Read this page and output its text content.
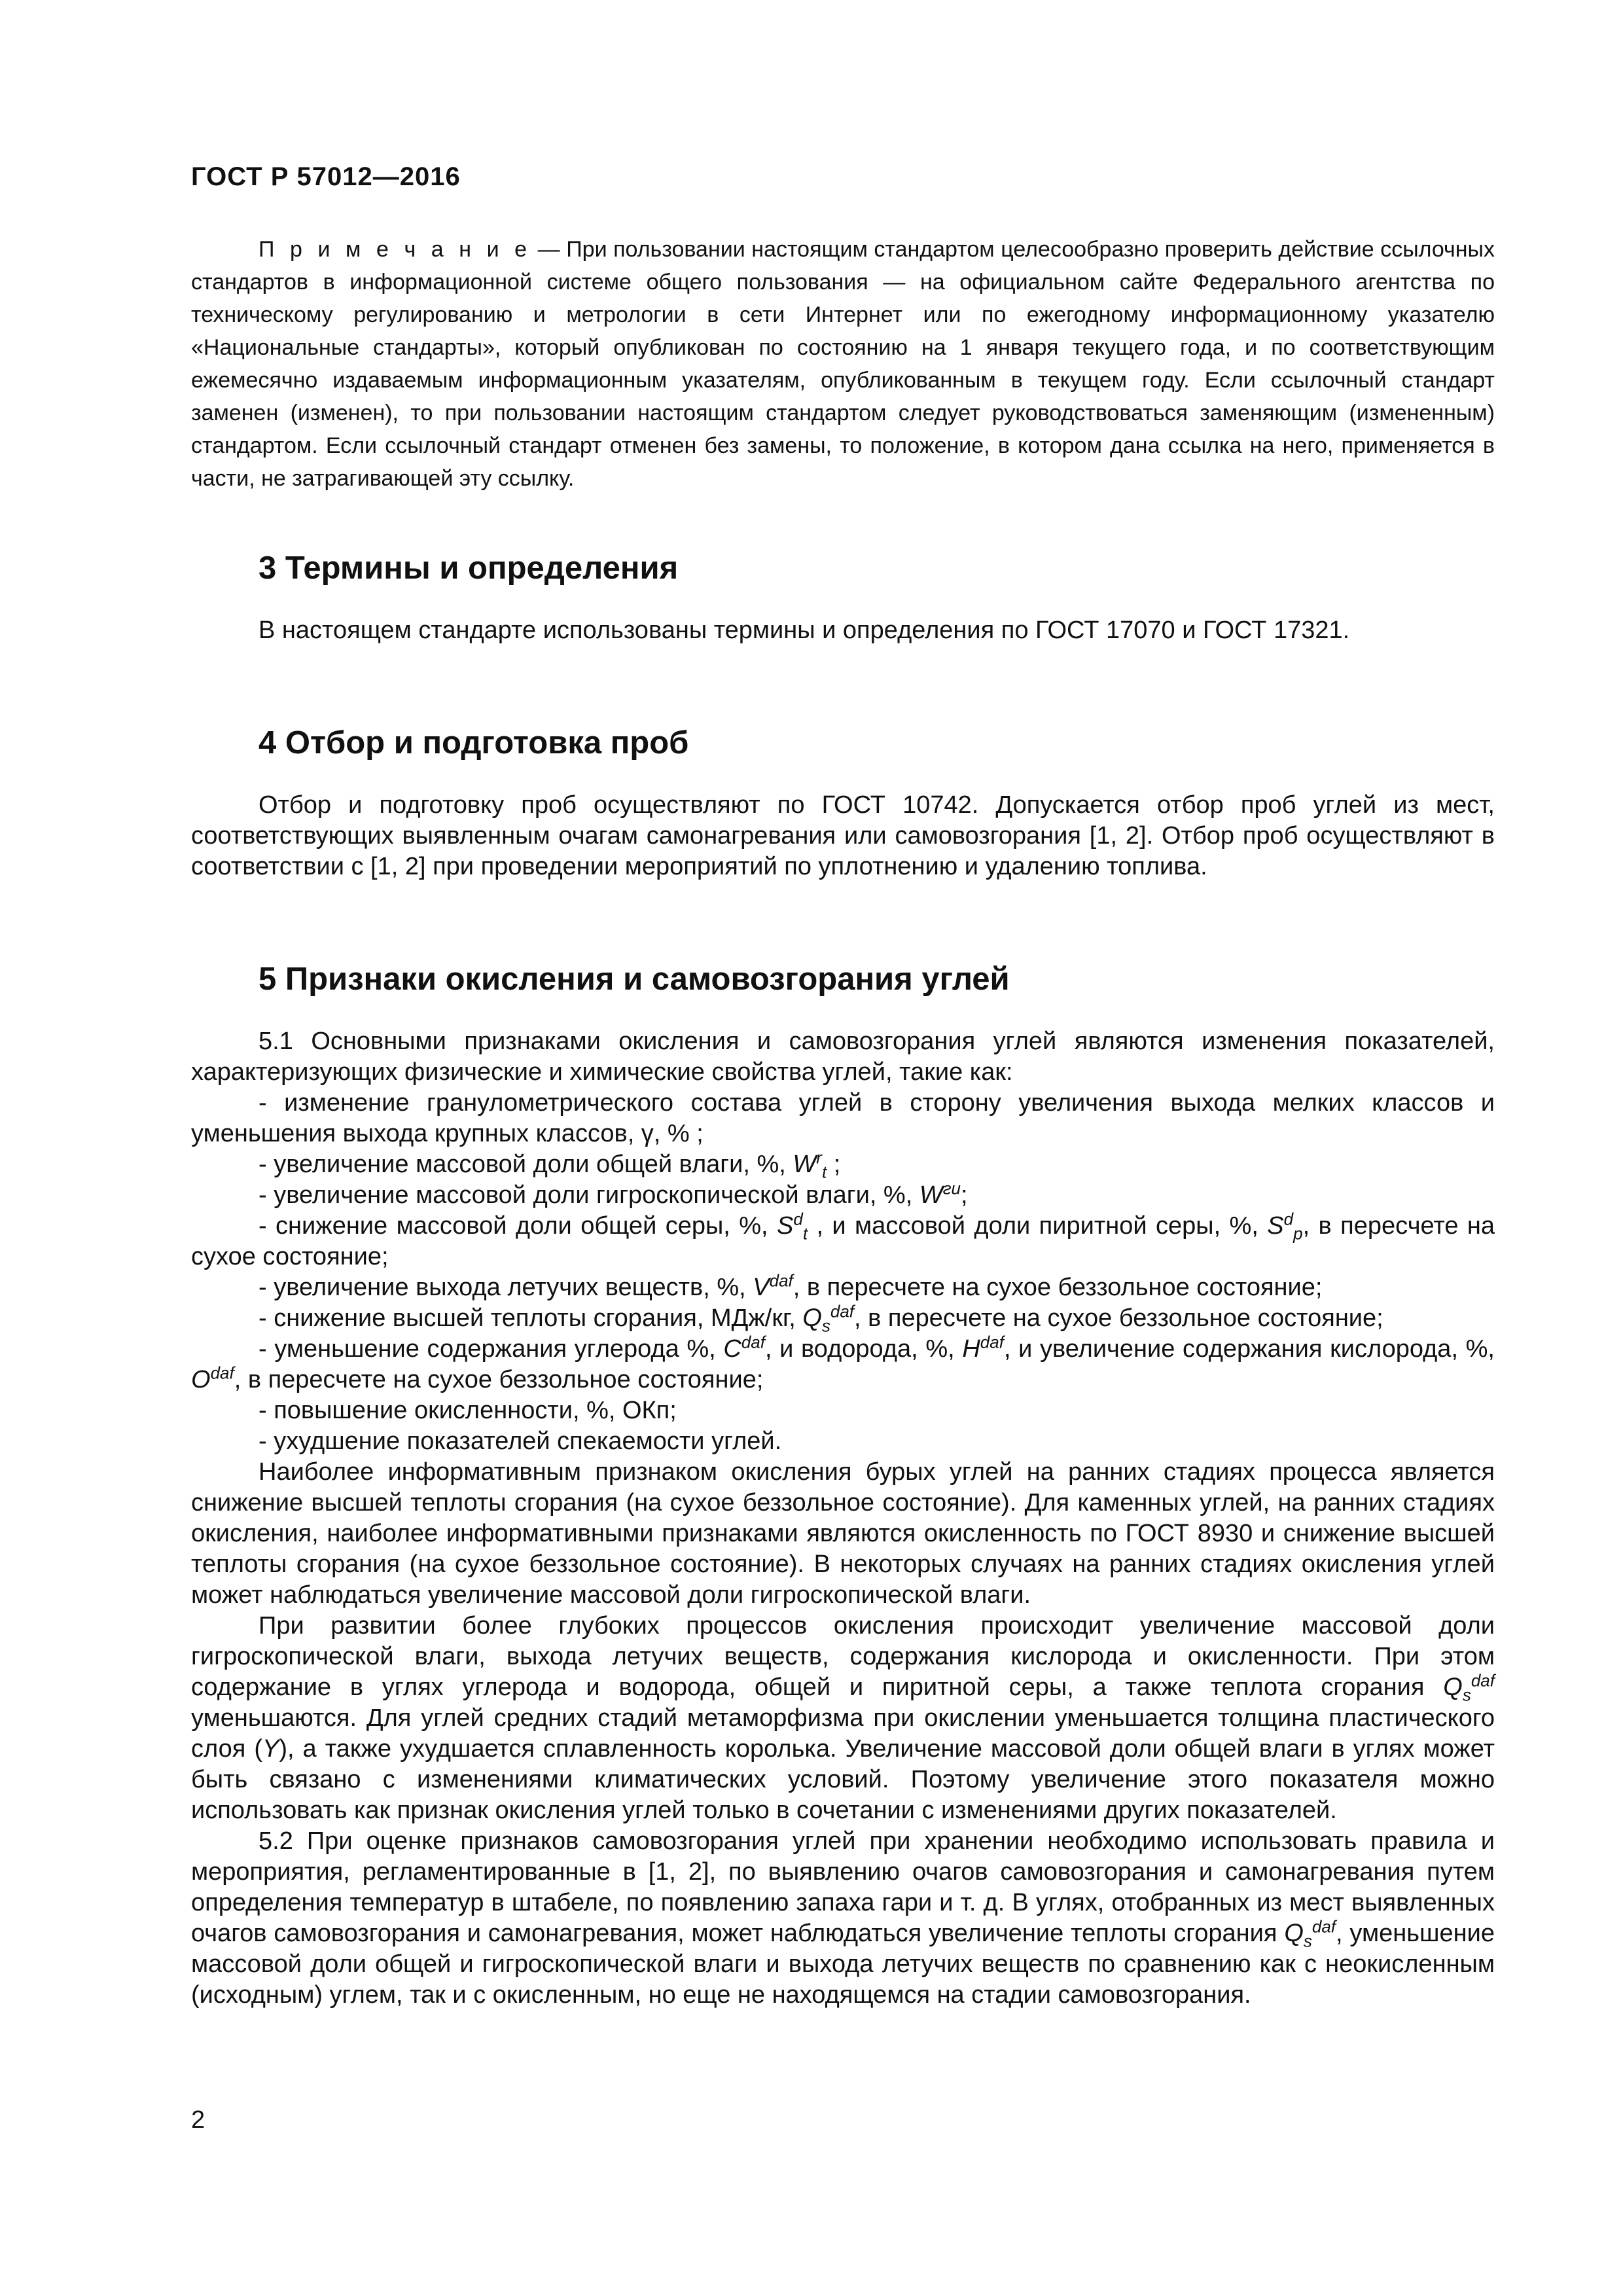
ГОСТ Р 57012—2016

П р и м е ч а н и е — При пользовании настоящим стандартом целесообразно проверить действие ссылочных стандартов в информационной системе общего пользования — на официальном сайте Федерального агентства по техническому регулированию и метрологии в сети Интернет или по ежегодному информационному указателю «Национальные стандарты», который опубликован по состоянию на 1 января текущего года, и по соответствующим ежемесячно издаваемым информационным указателям, опубликованным в текущем году. Если ссылочный стандарт заменен (изменен), то при пользовании настоящим стандартом следует руководствоваться заменяющим (измененным) стандартом. Если ссылочный стандарт отменен без замены, то положение, в котором дана ссылка на него, применяется в части, не затрагивающей эту ссылку.

3 Термины и определения

В настоящем стандарте использованы термины и определения по ГОСТ 17070 и ГОСТ 17321.

4 Отбор и подготовка проб

Отбор и подготовку проб осуществляют по ГОСТ 10742. Допускается отбор проб углей из мест, соответствующих выявленным очагам самонагревания или самовозгорания [1, 2]. Отбор проб осуществляют в соответствии с [1, 2] при проведении мероприятий по уплотнению и удалению топлива.

5 Признаки окисления и самовозгорания углей

5.1 Основными признаками окисления и самовозгорания углей являются изменения показателей, характеризующих физические и химические свойства углей, такие как:

- изменение гранулометрического состава углей в сторону увеличения выхода мелких классов и уменьшения выхода крупных классов, γ, % ;

- увеличение массовой доли общей влаги, %, $W^r_t$ ;

- увеличение массовой доли гигроскопической влаги, %, $W^{ги}$;

- снижение массовой доли общей серы, %, $S^d_t$ , и массовой доли пиритной серы, %, $S^d_p$, в пересчете на сухое состояние;

- увеличение выхода летучих веществ, %, $V^{daf}$, в пересчете на сухое беззольное состояние;

- снижение высшей теплоты сгорания, МДж/кг, $Q_s^{daf}$, в пересчете на сухое беззольное состояние;

- уменьшение содержания углерода %, $C^{daf}$, и водорода, %, $H^{daf}$, и увеличение содержания кислорода, %, $O^{daf}$, в пересчете на сухое беззольное состояние;

- повышение окисленности, %, ОКп;

- ухудшение показателей спекаемости углей.

Наиболее информативным признаком окисления бурых углей на ранних стадиях процесса является снижение высшей теплоты сгорания (на сухое беззольное состояние). Для каменных углей, на ранних стадиях окисления, наиболее информативными признаками являются окисленность по ГОСТ 8930 и снижение высшей теплоты сгорания (на сухое беззольное состояние). В некоторых случаях на ранних стадиях окисления углей может наблюдаться увеличение массовой доли гигроскопической влаги.

При развитии более глубоких процессов окисления происходит увеличение массовой доли гигроскопической влаги, выхода летучих веществ, содержания кислорода и окисленности. При этом содержание в углях углерода и водорода, общей и пиритной серы, а также теплота сгорания $Q_s^{daf}$ уменьшаются. Для углей средних стадий метаморфизма при окислении уменьшается толщина пластического слоя (Y), а также ухудшается сплавленность королька. Увеличение массовой доли общей влаги в углях может быть связано с изменениями климатических условий. Поэтому увеличение этого показателя можно использовать как признак окисления углей только в сочетании с изменениями других показателей.

5.2 При оценке признаков самовозгорания углей при хранении необходимо использовать правила и мероприятия, регламентированные в [1, 2], по выявлению очагов самовозгорания и самонагревания путем определения температур в штабеле, по появлению запаха гари и т. д. В углях, отобранных из мест выявленных очагов самовозгорания и самонагревания, может наблюдаться увеличение теплоты сгорания $Q_s^{daf}$, уменьшение массовой доли общей и гигроскопической влаги и выхода летучих веществ по сравнению как с неокисленным (исходным) углем, так и с окисленным, но еще не находящемся на стадии самовозгорания.

2
